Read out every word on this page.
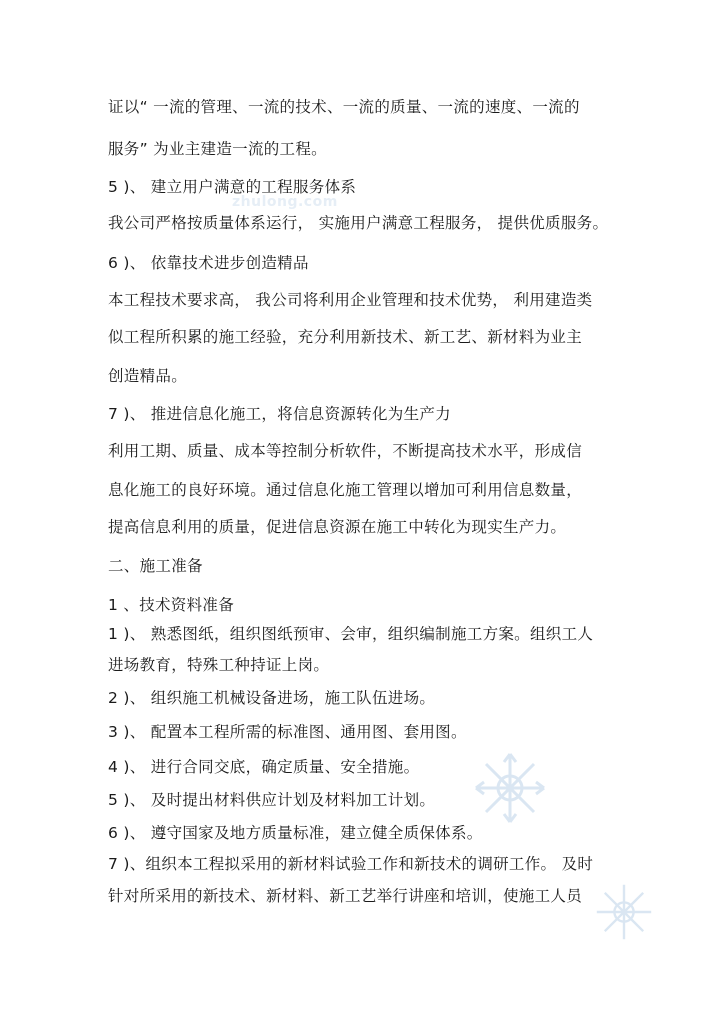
zhulong.com
证以“ 一流的管理、一流的技术、一流的质量、一流的速度、一流的
服务” 为业主建造一流的工程。
5 )、 建立用户满意的工程服务体系
我公司严格按质量体系运行， 实施用户满意工程服务， 提供优质服务。
6 )、 依靠技术进步创造精品
本工程技术要求高， 我公司将利用企业管理和技术优势， 利用建造类
似工程所积累的施工经验，充分利用新技术、新工艺、新材料为业主
创造精品。
7 )、 推进信息化施工，将信息资源转化为生产力
利用工期、质量、成本等控制分析软件，不断提高技术水平，形成信
息化施工的良好环境。通过信息化施工管理以增加可利用信息数量，
提高信息利用的质量，促进信息资源在施工中转化为现实生产力。
二、施工准备
1 、技术资料准备
1 )、 熟悉图纸，组织图纸预审、会审，组织编制施工方案。组织工人
进场教育，特殊工种持证上岗。
2 )、 组织施工机械设备进场，施工队伍进场。
3 )、 配置本工程所需的标准图、通用图、套用图。
4 )、 进行合同交底，确定质量、安全措施。
5 )、 及时提出材料供应计划及材料加工计划。
6 )、 遵守国家及地方质量标准，建立健全质保体系。
7 )、组织本工程拟采用的新材料试验工作和新技术的调研工作。 及时
针对所采用的新技术、新材料、新工艺举行讲座和培训，使施工人员
